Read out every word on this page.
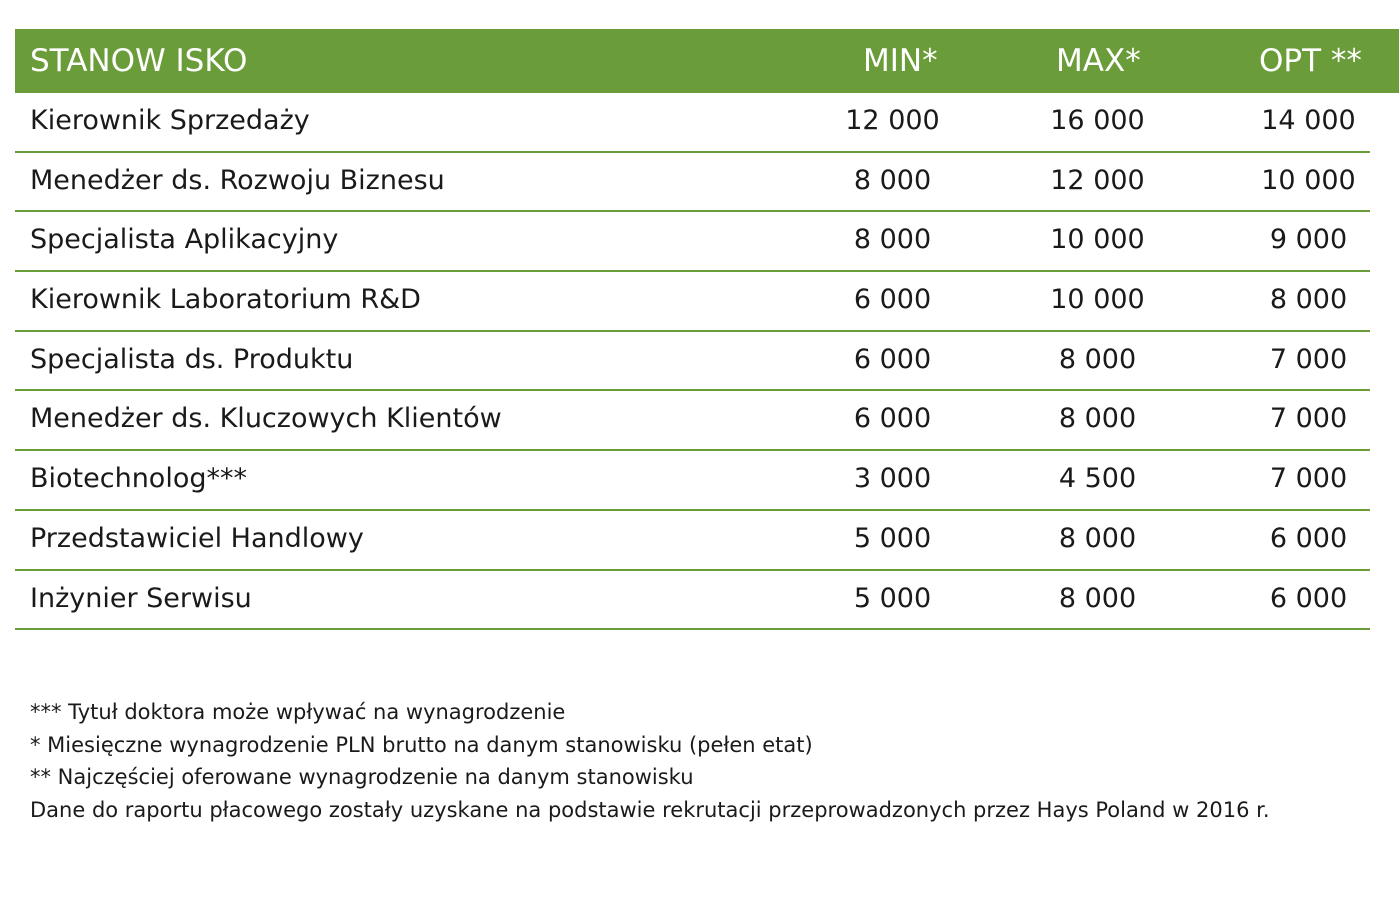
STANOW ISKO	MIN*	MAX*	OPT **
Kierownik Sprzedaży	12 000	16 000	14 000
Menedżer ds. Rozwoju Biznesu	8 000	12 000	10 000
Specjalista Aplikacyjny	8 000	10 000	9 000
Kierownik Laboratorium R&D	6 000	10 000	8 000
Specjalista ds. Produktu	6 000	8 000	7 000
Menedżer ds. Kluczowych Klientów	6 000	8 000	7 000
Biotechnolog***	3 000	4 500	7 000
Przedstawiciel Handlowy	5 000	8 000	6 000
Inżynier Serwisu	5 000	8 000	6 000
*** Tytuł doktora może wpływać na wynagrodzenie
* Miesięczne wynagrodzenie PLN brutto na danym stanowisku (pełen etat)
** Najczęściej oferowane wynagrodzenie na danym stanowisku
Dane do raportu płacowego zostały uzyskane na podstawie rekrutacji przeprowadzonych przez Hays Poland w 2016 r.
